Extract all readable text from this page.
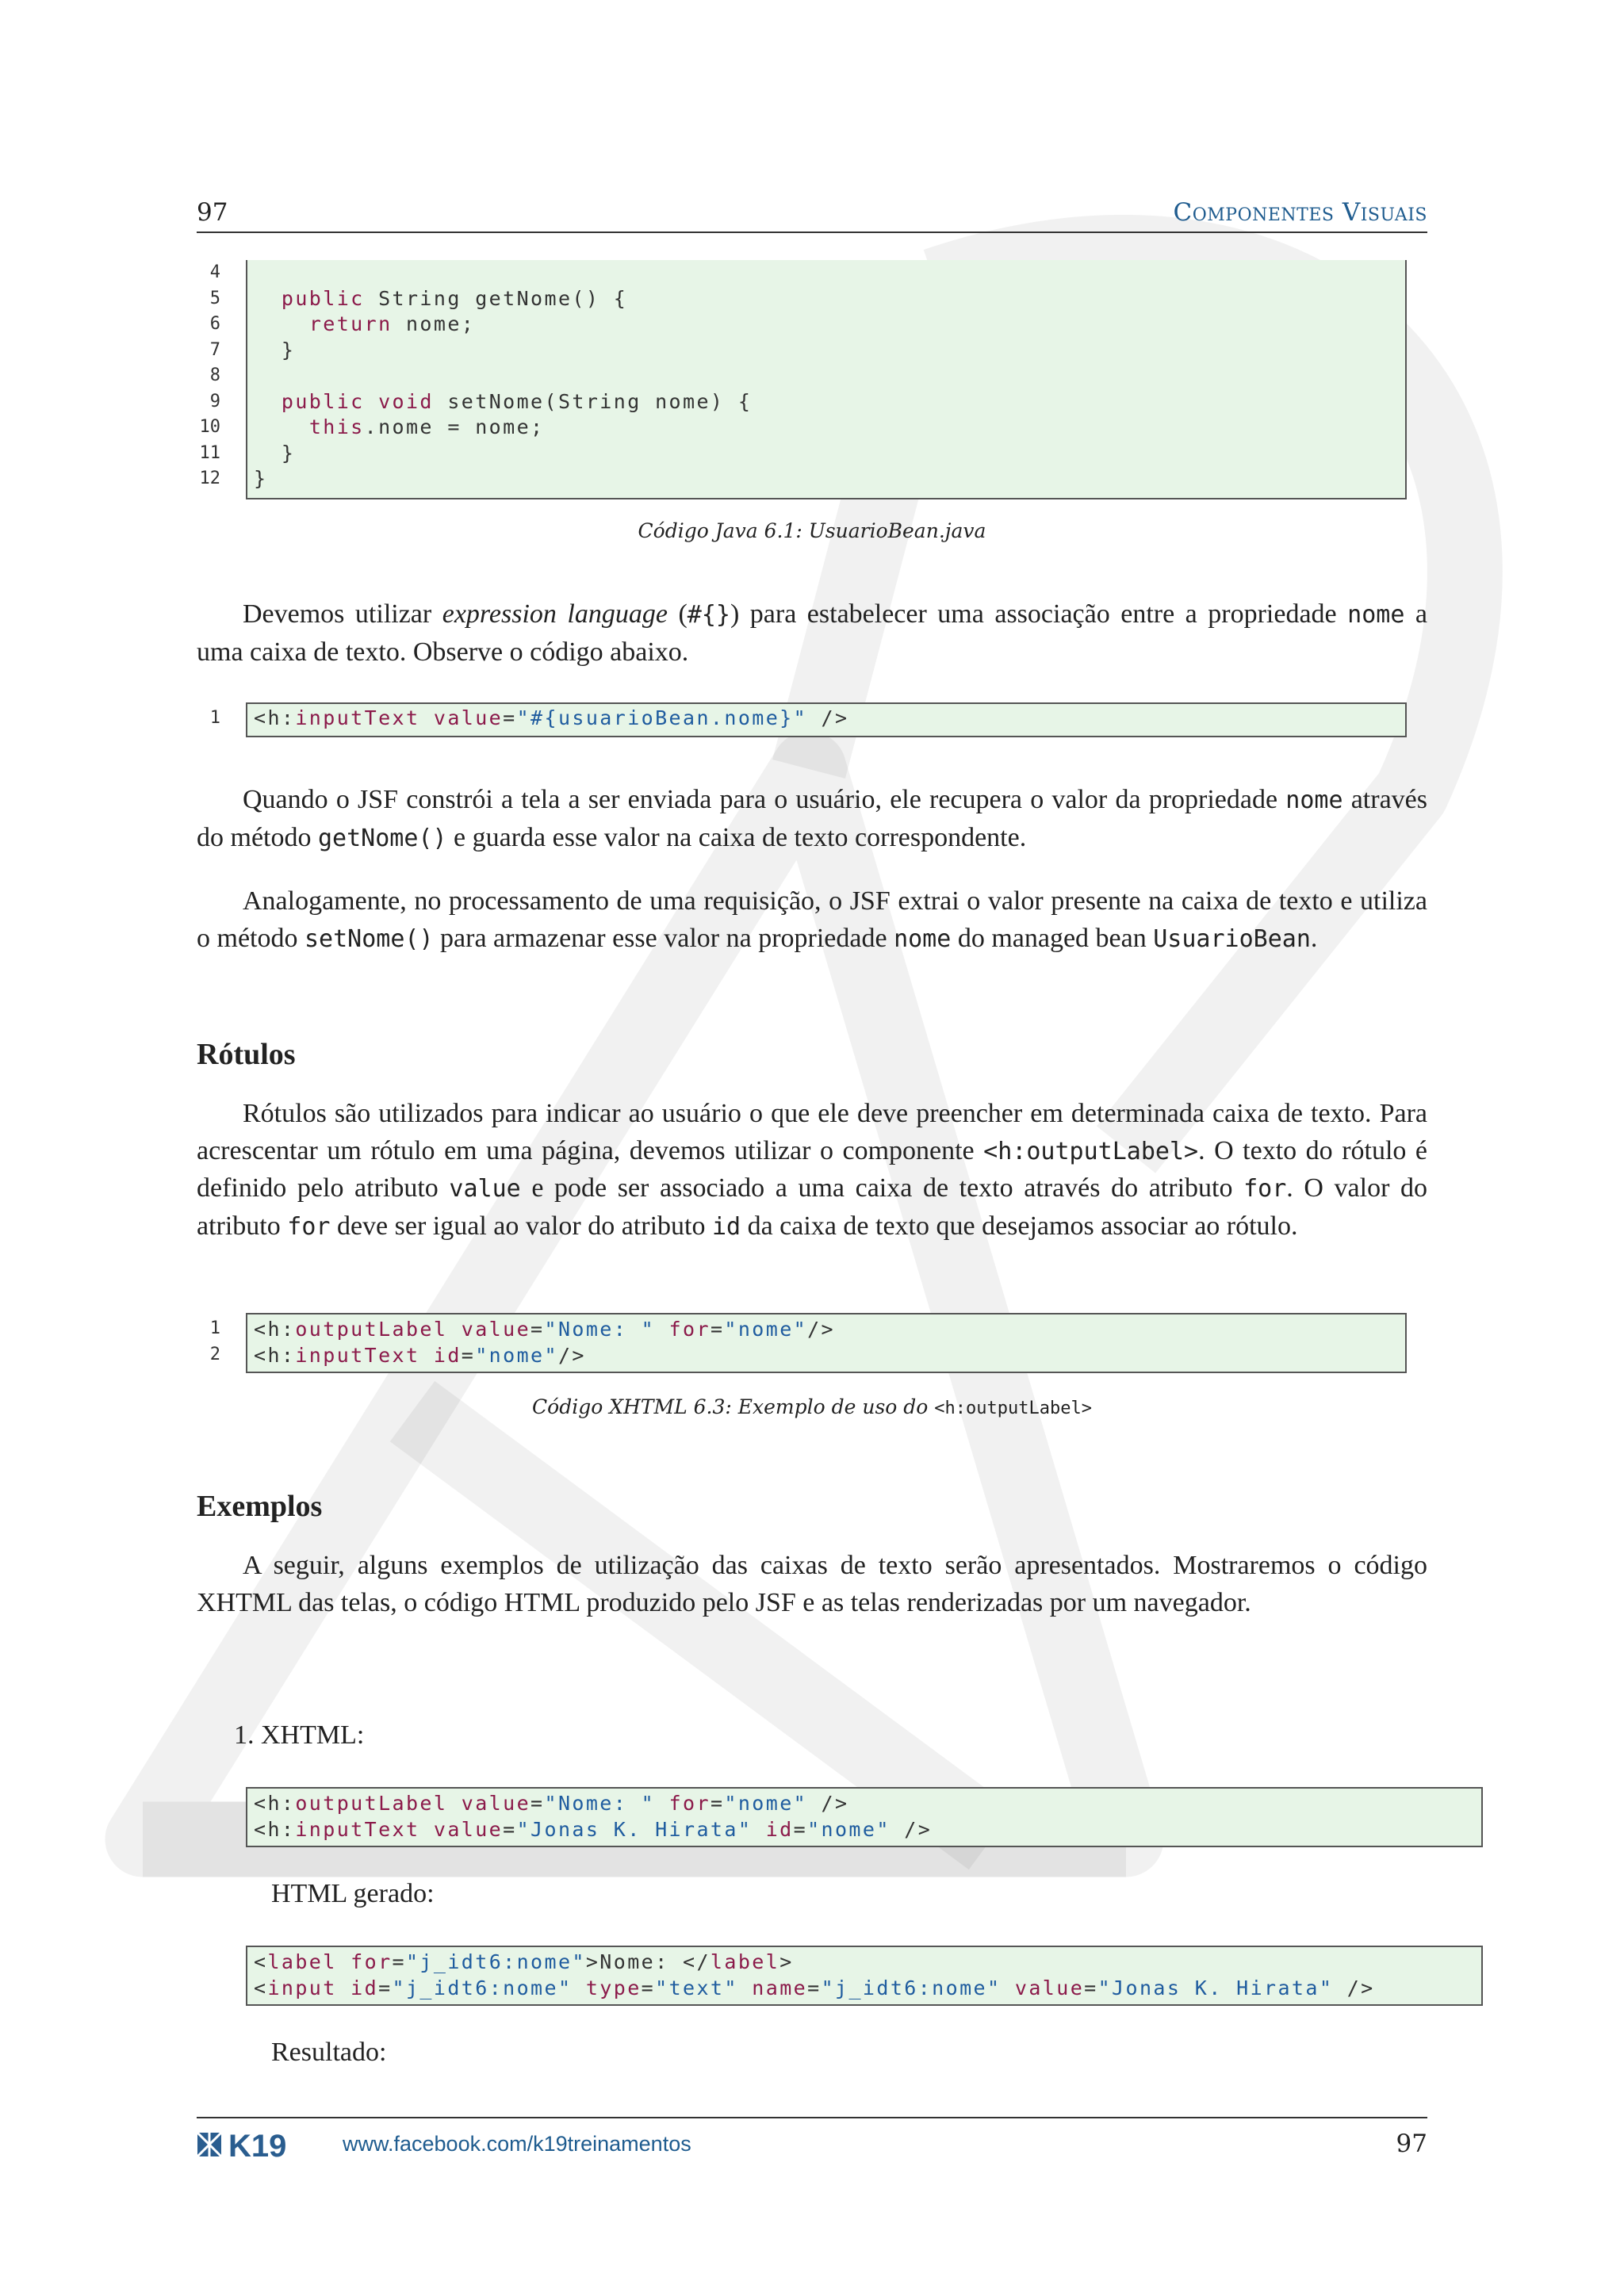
97	Componentes Visuais
4
5
6
7
8
9
10
11
12
public String getNome() {
return nome;
}
public void setNome(String nome) {
this.nome = nome;
}
}
Código Java 6.1: UsuarioBean.java

Devemos utilizar expression language (#{}) para estabelecer uma associação entre a propriedade nome a uma caixa de texto. Observe o código abaixo.

1	<h:inputText value="#{usuarioBean.nome}" />

Quando o JSF constrói a tela a ser enviada para o usuário, ele recupera o valor da propriedade nome através do método getNome() e guarda esse valor na caixa de texto correspondente.

Analogamente, no processamento de uma requisição, o JSF extrai o valor presente na caixa de texto e utiliza o método setNome() para armazenar esse valor na propriedade nome do managed bean UsuarioBean.

Rótulos

Rótulos são utilizados para indicar ao usuário o que ele deve preencher em determinada caixa de texto. Para acrescentar um rótulo em uma página, devemos utilizar o componente <h:outputLabel>. O texto do rótulo é definido pelo atributo value e pode ser associado a uma caixa de texto através do atributo for. O valor do atributo for deve ser igual ao valor do atributo id da caixa de texto que desejamos associar ao rótulo.

1
2
<h:outputLabel value="Nome: " for="nome"/>
<h:inputText id="nome"/>
Código XHTML 6.3: Exemplo de uso do <h:outputLabel>
Exemplos

A seguir, alguns exemplos de utilização das caixas de texto serão apresentados. Mostraremos o código XHTML das telas, o código HTML produzido pelo JSF e as telas renderizadas por um navegador.

1. XHTML:
<h:outputLabel value="Nome: " for="nome" />
<h:inputText value="Jonas K. Hirata" id="nome" />
HTML gerado:
<label for="j_idt6:nome">Nome: </label>
<input id="j_idt6:nome" type="text" name="j_idt6:nome" value="Jonas K. Hirata" />
Resultado:
K19	www.facebook.com/k19treinamentos	97
